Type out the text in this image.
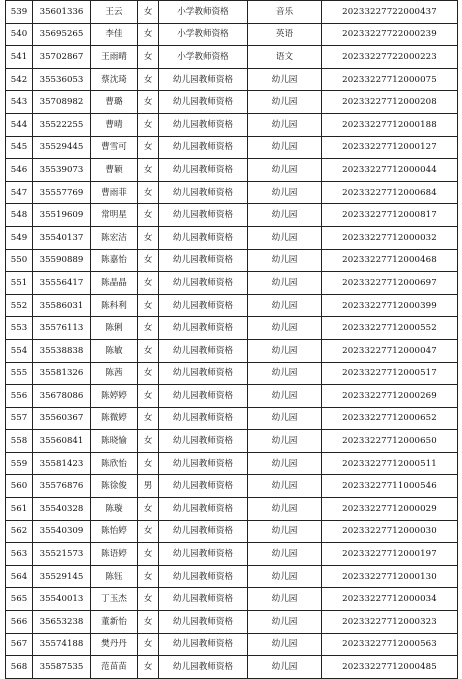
539	35601336	王云	女	小学教师资格	音乐	20233227722000437
540	35695265	李佳	女	小学教师资格	英语	20233227722000239
541	35702867	王雨晴	女	小学教师资格	语文	20233227722000223
542	35536053	蔡沈琦	女	幼儿园教师资格	幼儿园	20233227712000075
543	35708982	曹璐	女	幼儿园教师资格	幼儿园	20233227712000208
544	35522255	曹晴	女	幼儿园教师资格	幼儿园	20233227712000188
545	35529445	曹雪可	女	幼儿园教师资格	幼儿园	20233227712000127
546	35539073	曹颖	女	幼儿园教师资格	幼儿园	20233227712000044
547	35557769	曹雨菲	女	幼儿园教师资格	幼儿园	20233227712000684
548	35519609	常明星	女	幼儿园教师资格	幼儿园	20233227712000817
549	35540137	陈宏洁	女	幼儿园教师资格	幼儿园	20233227712000032
550	35590889	陈嘉怡	女	幼儿园教师资格	幼儿园	20233227712000468
551	35556417	陈晶晶	女	幼儿园教师资格	幼儿园	20233227712000697
552	35586031	陈科利	女	幼儿园教师资格	幼儿园	20233227712000399
553	35576113	陈俐	女	幼儿园教师资格	幼儿园	20233227712000552
554	35538838	陈敏	女	幼儿园教师资格	幼儿园	20233227712000047
555	35581326	陈茜	女	幼儿园教师资格	幼儿园	20233227712000517
556	35678086	陈婷婷	女	幼儿园教师资格	幼儿园	20233227712000269
557	35560367	陈微婷	女	幼儿园教师资格	幼儿园	20233227712000652
558	35560841	陈晓愉	女	幼儿园教师资格	幼儿园	20233227712000650
559	35581423	陈欣怡	女	幼儿园教师资格	幼儿园	20233227712000511
560	35576876	陈徐俊	男	幼儿园教师资格	幼儿园	20233227711000546
561	35540328	陈璇	女	幼儿园教师资格	幼儿园	20233227712000029
562	35540309	陈怡婷	女	幼儿园教师资格	幼儿园	20233227712000030
563	35521573	陈语婷	女	幼儿园教师资格	幼儿园	20233227712000197
564	35529145	陈钰	女	幼儿园教师资格	幼儿园	20233227712000130
565	35540013	丁玉杰	女	幼儿园教师资格	幼儿园	20233227712000034
566	35653238	董新怡	女	幼儿园教师资格	幼儿园	20233227712000323
567	35574188	樊丹丹	女	幼儿园教师资格	幼儿园	20233227712000563
568	35587535	范苗苗	女	幼儿园教师资格	幼儿园	20233227712000485
